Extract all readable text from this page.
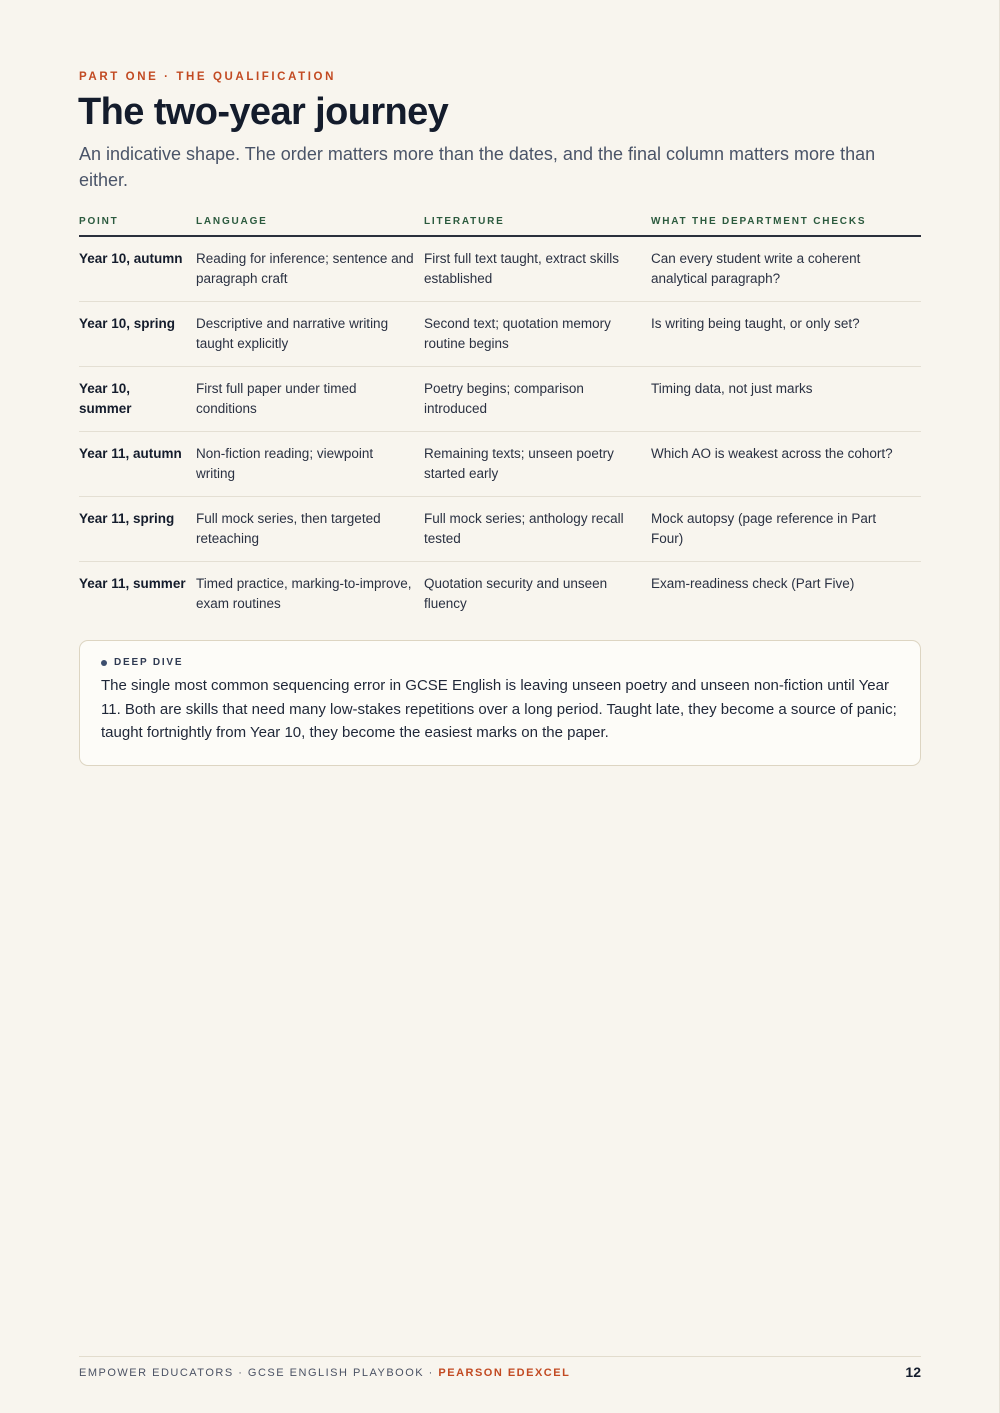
PART ONE · THE QUALIFICATION
The two-year journey

An indicative shape. The order matters more than the dates, and the final column matters more than either.

POINT	LANGUAGE	LITERATURE	WHAT THE DEPARTMENT CHECKS
Year 10, autumn	Reading for inference; sentence and paragraph craft	First full text taught, extract skills established	Can every student write a coherent analytical paragraph?
Year 10, spring	Descriptive and narrative writing taught explicitly	Second text; quotation memory routine begins	Is writing being taught, or only set?
Year 10, summer	First full paper under timed conditions	Poetry begins; comparison introduced	Timing data, not just marks
Year 11, autumn	Non-fiction reading; viewpoint writing	Remaining texts; unseen poetry started early	Which AO is weakest across the cohort?
Year 11, spring	Full mock series, then targeted reteaching	Full mock series; anthology recall tested	Mock autopsy (page reference in Part Four)
Year 11, summer	Timed practice, marking-to-improve, exam routines	Quotation security and unseen fluency	Exam-readiness check (Part Five)
DEEP DIVE

The single most common sequencing error in GCSE English is leaving unseen poetry and unseen non-fiction until Year 11. Both are skills that need many low-stakes repetitions over a long period. Taught late, they become a source of panic; taught fortnightly from Year 10, they become the easiest marks on the paper.

EMPOWER EDUCATORS · GCSE ENGLISH PLAYBOOK · PEARSON EDEXCEL	12
